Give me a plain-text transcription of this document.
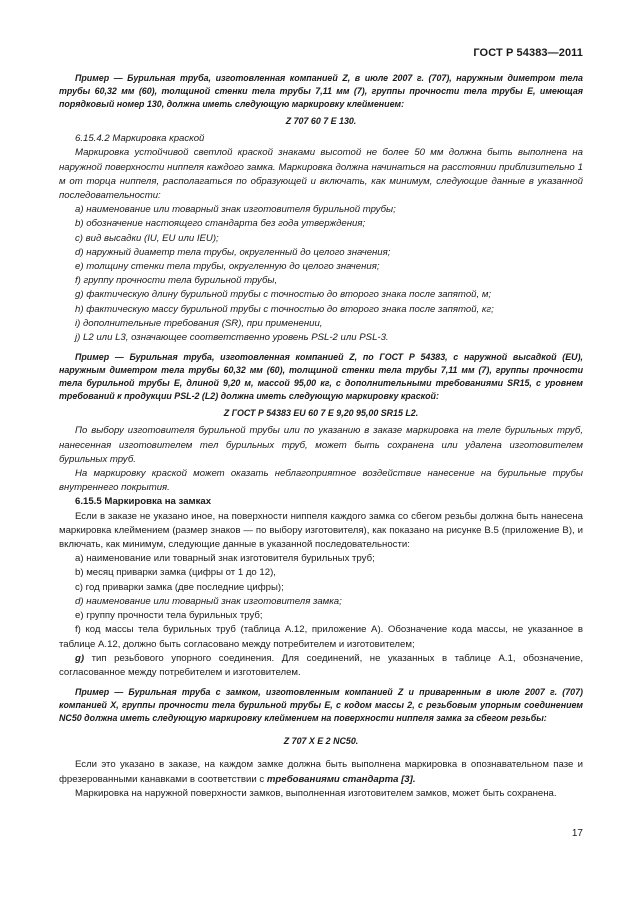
ГОСТ Р 54383—2011

Пример — Бурильная труба, изготовленная компанией Z, в июле 2007 г. (707), наружным диметром тела трубы 60,32 мм (60), толщиной стенки тела трубы 7,11 мм (7), группы прочности тела трубы E, имеющая порядковый номер 130, должна иметь следующую маркировку клеймением:

Z 707 60 7 E 130.

6.15.4.2 Маркировка краской

Маркировка устойчивой светлой краской знаками высотой не более 50 мм должна быть выполнена на наружной поверхности ниппеля каждого замка. Маркировка должна начинаться на расстоянии приблизительно 1 м от торца ниппеля, располагаться по образующей и включать, как минимум, следующие данные в указанной последовательности:

a) наименование или товарный знак изготовителя бурильной трубы;

b) обозначение настоящего стандарта без года утверждения;

c) вид высадки (IU, EU или IEU);

d) наружный диаметр тела трубы, округленный до целого значения;

e) толщину стенки тела трубы, округленную до целого значения;

f) группу прочности тела бурильной трубы,

g) фактическую длину бурильной трубы с точностью до второго знака после запятой, м;

h) фактическую массу бурильной трубы с точностью до второго знака после запятой, кг;

i) дополнительные требования (SR), при применении,

j) L2 или L3, означающее соответственно уровень PSL-2 или PSL-3.

Пример — Бурильная труба, изготовленная компанией Z, по ГОСТ Р 54383, с наружной высадкой (EU), наружным диметром тела трубы 60,32 мм (60), толщиной стенки тела трубы 7,11 мм (7), группы прочности тела бурильной трубы E, длиной 9,20 м, массой 95,00 кг, с дополнительными требованиями SR15, с уровнем требований к продукции PSL-2 (L2) должна иметь следующую маркировку краской:

Z ГОСТ Р 54383 EU 60 7 E 9,20 95,00 SR15 L2.

По выбору изготовителя бурильной трубы или по указанию в заказе маркировка на теле бурильных труб, нанесенная изготовителем тел бурильных труб, может быть сохранена или удалена изготовителем бурильных труб.

На маркировку краской может оказать неблагоприятное воздействие нанесение на бурильные трубы внутреннего покрытия.

6.15.5 Маркировка на замках

Если в заказе не указано иное, на поверхности ниппеля каждого замка со сбегом резьбы должна быть нанесена маркировка клеймением (размер знаков — по выбору изготовителя), как показано на рисунке В.5 (приложение В), и включать, как минимум, следующие данные в указанной последовательности:

a) наименование или товарный знак изготовителя бурильных труб;

b) месяц приварки замка (цифры от 1 до 12),

c) год приварки замка (две последние цифры);

d) наименование или товарный знак изготовителя замка;

e) группу прочности тела бурильных труб;

f) код массы тела бурильных труб (таблица А.12, приложение А). Обозначение кода массы, не указанное в таблице А.12, должно быть согласовано между потребителем и изготовителем;

g) тип резьбового упорного соединения. Для соединений, не указанных в таблице А.1, обозначение, согласованное между потребителем и изготовителем.

Пример — Бурильная труба с замком, изготовленным компанией Z и приваренным в июле 2007 г. (707) компанией X, группы прочности тела бурильной трубы E, с кодом массы 2, с резьбовым упорным соединением NC50 должна иметь следующую маркировку клеймением на поверхности ниппеля замка за сбегом резьбы:

Z 707 X E 2 NC50.

Если это указано в заказе, на каждом замке должна быть выполнена маркировка в опознавательном пазе и фрезерованными канавками в соответствии с требованиями стандарта [3].

Маркировка на наружной поверхности замков, выполненная изготовителем замков, может быть сохранена.

17
